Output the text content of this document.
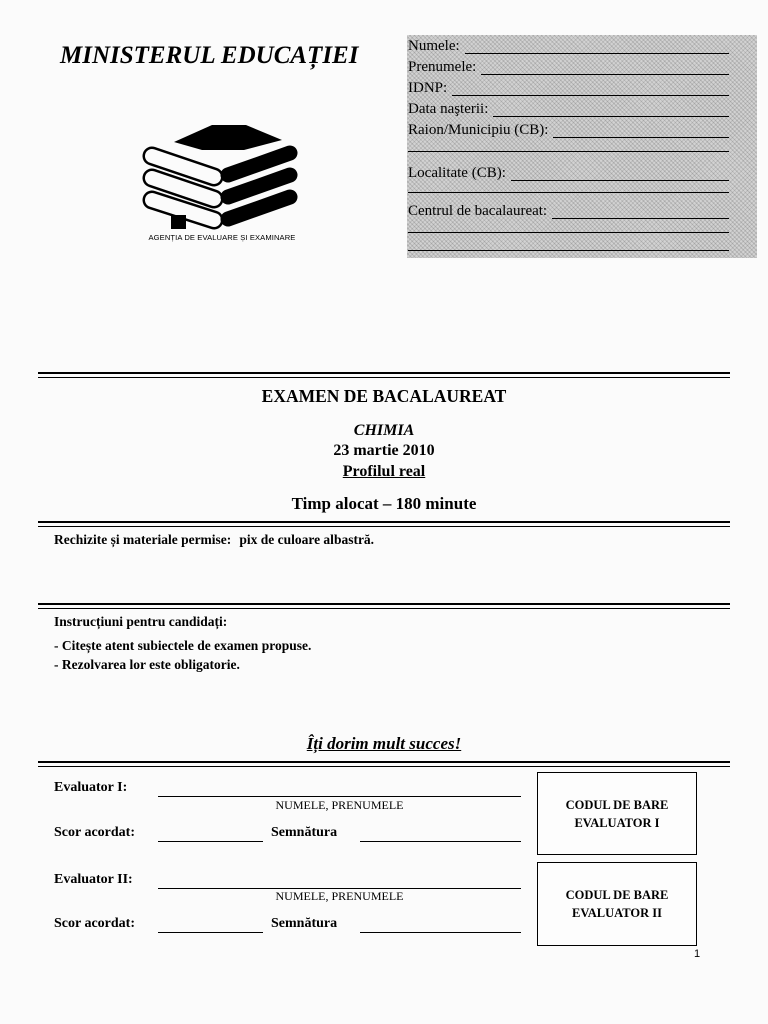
MINISTERUL EDUCAȚIEI
AGENȚIA DE EVALUARE ȘI EXAMINARE
Numele:
Prenumele:
IDNP:
Data naşterii:
Raion/Municipiu (CB):
Localitate (CB):
Centrul de bacalaureat:
EXAMEN DE BACALAUREAT
CHIMIA
23 martie 2010
Profilul real
Timp alocat – 180 minute
Rechizite și materiale permise: pix de culoare albastră.
Instrucțiuni pentru candidați:
- Citește atent subiectele de examen propuse.
- Rezolvarea lor este obligatorie.
Îți dorim mult succes!
Evaluator I:
NUMELE, PRENUMELE
Scor acordat:	Semnătura
CODUL DE BARE
EVALUATOR I
Evaluator II:
NUMELE, PRENUMELE
Scor acordat:	Semnătura
CODUL DE BARE
EVALUATOR II
1
